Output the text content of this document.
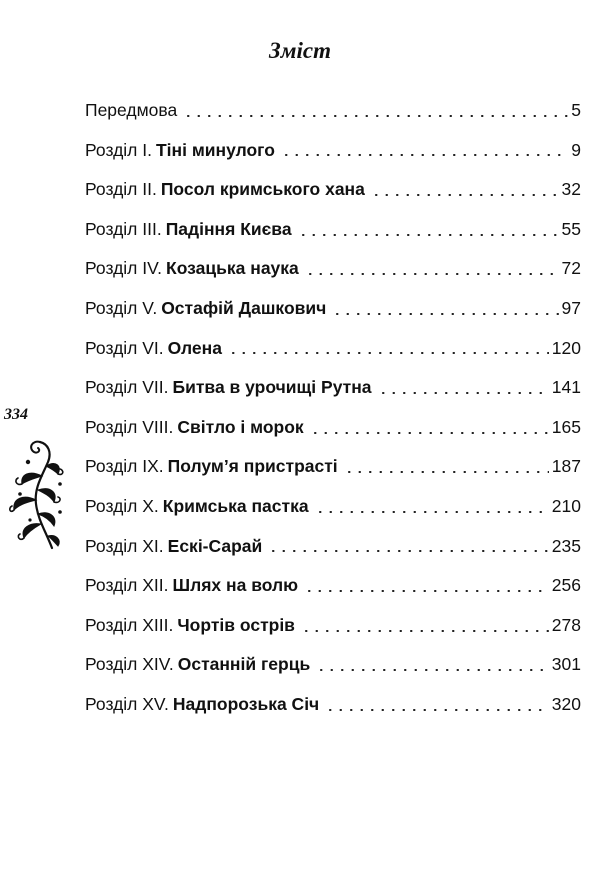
Зміст
Передмова	5
Розділ І. Тіні минулого	9
Розділ ІІ. Посол кримського хана	32
Розділ ІІІ. Падіння Києва	55
Розділ IV. Козацька наука	72
Розділ V. Остафій Дашкович	97
Розділ VI. Олена	120
Розділ VII. Битва в урочищі Рутна	141
Розділ VIII. Світло і морок	165
Розділ ІХ. Полум’я пристрасті	187
Розділ Х. Кримська пастка	210
Розділ ХІ. Ескі-Сарай	235
Розділ ХІІ. Шлях на волю	256
Розділ ХІІІ. Чортів острів	278
Розділ XIV. Останній герць	301
Розділ XV. Надпорозька Січ	320
334
